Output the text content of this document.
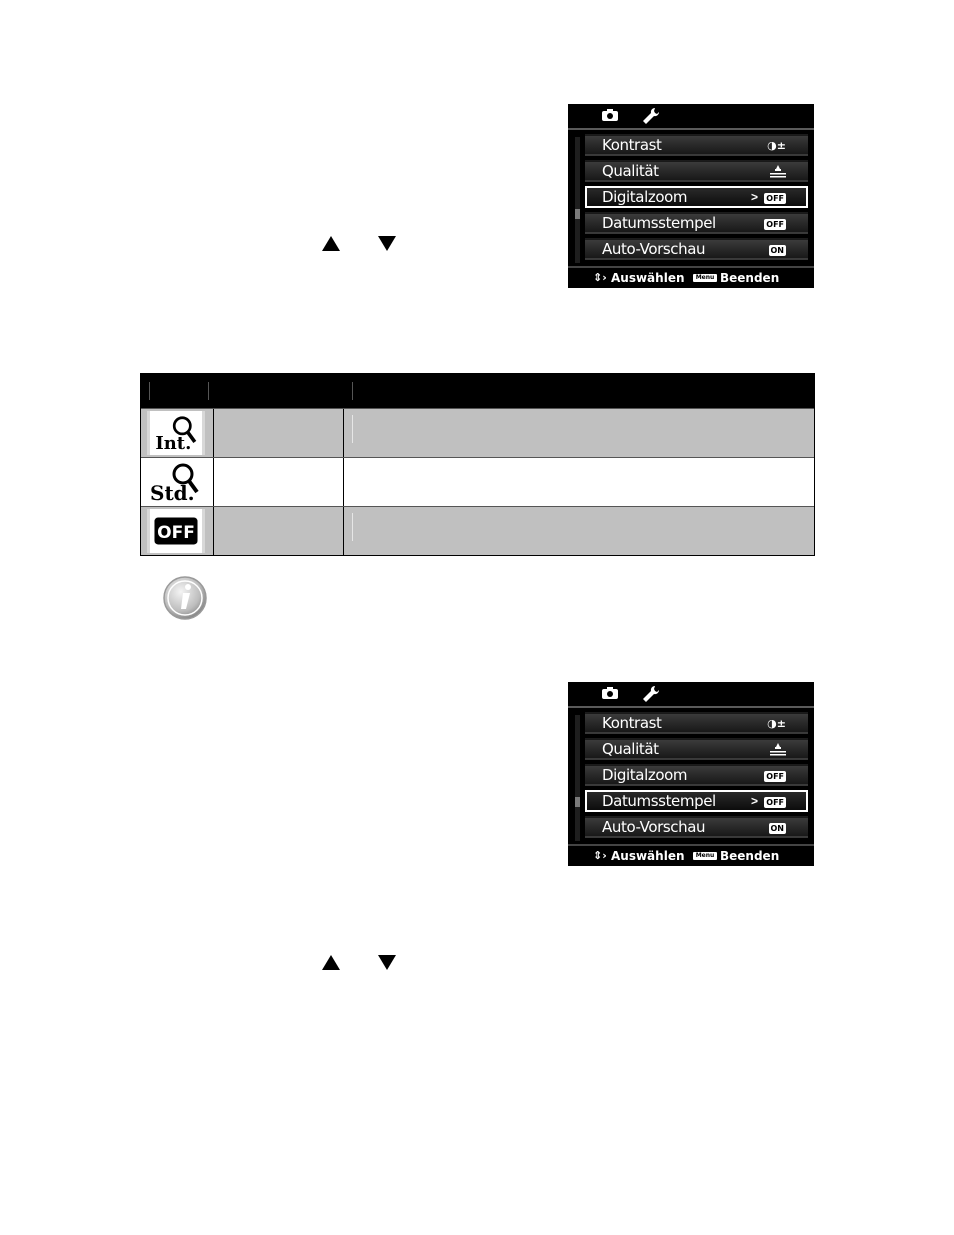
Kontrast	◑±
Qualität
Digitalzoom	> OFF
Datumsstempel	OFF
Auto-Vorschau	ON
⇕› Auswählen	Menu Beenden
Int.
Std.
OFF
Kontrast	◑±
Qualität
Digitalzoom	OFF
Datumsstempel	> OFF
Auto-Vorschau	ON
⇕› Auswählen	Menu Beenden
